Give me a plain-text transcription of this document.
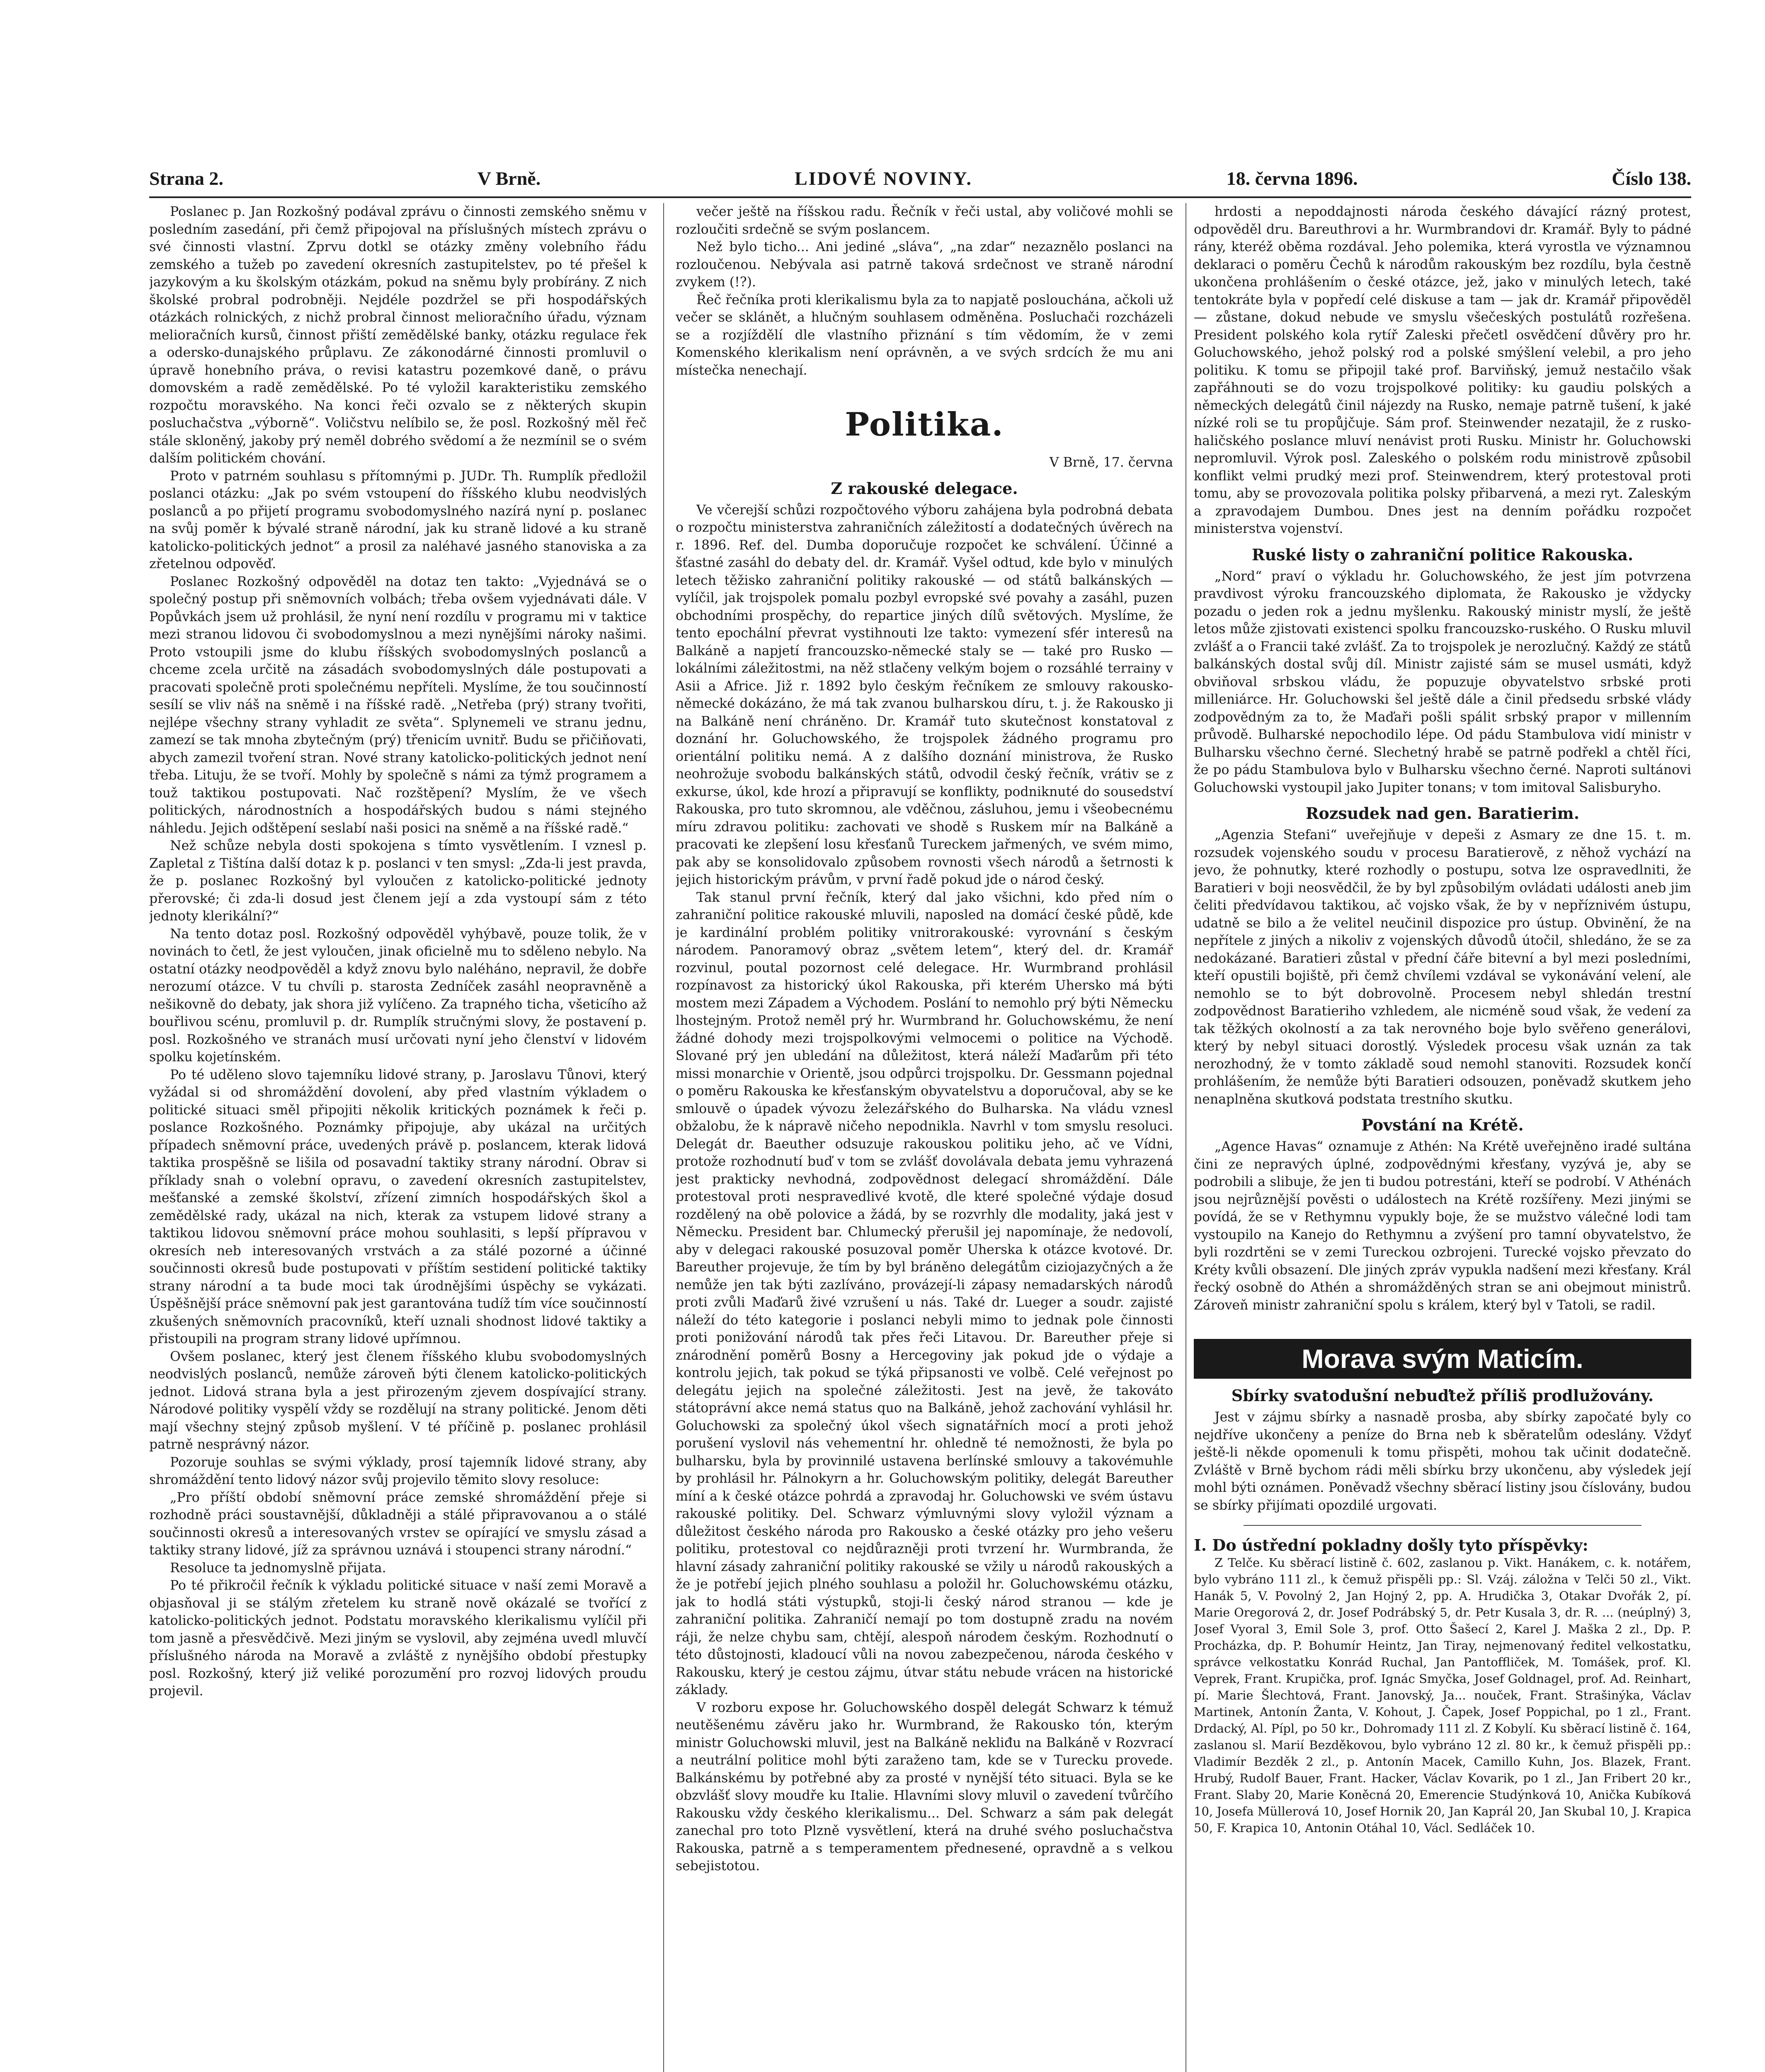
Strana 2.	V Brně.	LIDOVÉ NOVINY.	18. června 1896.	Číslo 138.

Poslanec p. Jan Rozkošný podával zprávu o činnosti zemského sněmu v posledním zasedání, při čemž připojoval na příslušných místech zprávu o své činnosti vlastní. Zprvu dotkl se otázky změny volebního řádu zemského a tužeb po zavedení okresních zastupitelstev, po té přešel k jazykovým a ku školským otázkám, pokud na sněmu byly probírány. Z nich školské probral podrobněji. Nejdéle pozdržel se při hospodářských otázkách rolnických, z nichž probral činnost melioračního úřadu, význam melioračních kursů, činnost přiští zemědělské banky, otázku regulace řek a oderskо-dunajského průplavu. Ze zákonodárné činnosti promluvil o úpravě honebního práva, o revisi katastru pozemkové daně, o právu domovském a radě zemědělské. Po té vyložil karakteristiku zemského rozpočtu moravského. Na konci řeči ozvalo se z některých skupin posluchačstva „výborně“. Voličstvu nelíbilo se, že posl. Rozkošný měl řeč stále skloněný, jakoby prý neměl dobrého svědomí a že nezmínil se o svém dalším politickém chování.

Proto v patrném souhlasu s přítomnými p. JUDr. Th. Rumplík předložil poslanci otázku: „Jak po svém vstoupení do říšského klubu neodvislých poslanců a po přijetí programu svobodomyslného nazírá nyní p. poslanec na svůj poměr k bývalé straně národní, jak ku straně lidové a ku straně katolicko-politických jednot“ a prosil za naléhavé jasného stanoviska a za zřetelnou odpověď.

Poslanec Rozkošný odpověděl na dotaz ten takto: „Vyjednává se o společný postup při sněmovních volbách; třeba ovšem vyjednávati dále. V Popůvkách jsem už prohlásil, že nyní není rozdílu v programu mi v taktice mezi stranou lidovou či svobodomyslnou a mezi nynějšími nároky našimi. Proto vstoupili jsme do klubu říšských svobodomyslných poslanců a chceme zcela určitě na zásadách svobodomyslných dále postupovati a pracovati společně proti společnému nepříteli. Myslíme, že tou součinností sesílí se vliv náš na sněmě i na říšské radě. „Netřeba (prý) strany tvořiti, nejlépe všechny strany vyhladit ze světa“. Splynemeli ve stranu jednu, zamezí se tak mnoha zbytečným (prý) třenicím uvnitř. Budu se přičiňovati, abych zamezil tvoření stran. Nové strany katolicko-politických jednot není třeba. Lituju, že se tvoří. Mohly by společně s námi za týmž programem a touž taktikou postupovati. Nač rozštěpení? Myslím, že ve všech politických, národnostních a hospodářských budou s námi stejného náhledu. Jejich odštěpení seslabí naši posici na sněmě a na říšské radě.“

Než schůze nebyla dosti spokojena s tímto vysvětlením. I vznesl p. Zapletal z Tištína další dotaz k p. poslanci v ten smysl: „Zda-li jest pravda, že p. poslanec Rozkošný byl vyloučen z katolicko-politické jednoty přerovské; či zda-li dosud jest členem její a zda vystoupí sám z této jednoty klerikální?“

Na tento dotaz posl. Rozkošný odpověděl vyhýbavě, pouze tolik, že v novinách to četl, že jest vyloučen, jinak oficielně mu to sděleno nebylo. Na ostatní otázky neodpověděl a když znovu bylo naléháno, nepravil, že dobře nerozumí otázce. V tu chvíli p. starosta Zedníček zasáhl neopravněně a nešikovně do debaty, jak shora již vylíčeno. Za trapného ticha, všeticího až bouřlivou scénu, promluvil p. dr. Rumplík stručnými slovy, že postavení p. posl. Rozkošného ve stranách musí určovati nyní jeho členství v lidovém spolku kojetínském.

Po té uděleno slovo tajemníku lidové strany, p. Jaroslavu Tůnovi, který vyžádal si od shromáždění dovolení, aby před vlastním výkladem o politické situaci směl připojiti několik kritických poznámek k řeči p. poslance Rozkošného. Poznámky připojuje, aby ukázal na určitých případech sněmovní práce, uvedených právě p. poslancem, kterak lidová taktika prospěšně se lišila od posavadní taktiky strany národní. Obrav si příklady snah o volební opravu, o zavedení okresních zastupitelstev, mešťanské a zemské školství, zřízení zimních hospodářských škol a zemědělské rady, ukázal na nich, kterak za vstupem lidové strany a taktikou lidovou sněmovní práce mohou souhlasiti, s lepší přípravou v okresích neb interesovaných vrstvách a za stálé pozorné a účinné součinnosti okresů bude postupovati v příštím sestidení politické taktiky strany národní a ta bude moci tak úrodnějšími úspěchy se vykázati. Úspěšnější práce sněmovní pak jest garantována tudíž tím více součinností zkušených sněmovních pracovníků, kteří uznali shodnost lidové taktiky a přistoupili na program strany lidové upřímnou.

Ovšem poslanec, který jest členem říšského klubu svobodomyslných neodvislých poslanců, nemůže zároveň býti členem katolicko-politických jednot. Lidová strana byla a jest přirozeným zjevem dospívající strany. Národové politiky vyspělí vždy se rozdělují na strany politické. Jenom děti mají všechny stejný způsob myšlení. V té příčině p. poslanec prohlásil patrně nesprávný názor.

Pozoruje souhlas se svými výklady, prosí tajemník lidové strany, aby shromáždění tento lidový názor svůj projevilo těmito slovy resoluce:

„Pro příští období sněmovní práce zemské shromáždění přeje si rozhodně práci soustavnější, důkladněji a stálé připravovanou a o stálé součinnosti okresů a interesovaných vrstev se opírající ve smyslu zásad a taktiky strany lidové, jíž za správnou uznává i stoupenci strany národní.“

Resoluce ta jednomyslně přijata.

Po té přikročil řečník k výkladu politické situace v naší zemi Moravě a objasňoval ji se stálým zřetelem ku straně nově okázalé se tvořící z katolicko-politických jednot. Podstatu moravského klerikalismu vylíčil při tom jasně a přesvědčivě. Mezi jiným se vyslovil, aby zejména uvedl mluvčí příslušného národa na Moravě a zvláště z nynějšího období přestupky posl. Rozkošný, který již veliké porozumění pro rozvoj lidových proudu projevil.

večer ještě na říšskou radu. Řečník v řeči ustal, aby voličové mohli se rozloučiti srdečně se svým poslancem.

Než bylo ticho... Ani jediné „sláva“, „na zdar“ nezaznělo poslanci na rozloučenou. Nebývala asi patrně taková srdečnost ve straně národní zvykem (!?).

Řeč řečníka proti klerikalismu byla za to napjatě poslouchána, ačkoli už večer se sklánět, a hlučným souhlasem odměněna. Posluchači rozcházeli se a rozjíždělí dle vlastního přiznání s tím vědomím, že v zemi Komenského klerikalism není oprávněn, a ve svých srdcích že mu ani místečka nenechají.

Politika.

V Brně, 17. června

Z rakouské delegace.

Ve včerejší schůzi rozpočtového výboru zahájena byla podrobná debata o rozpočtu ministerstva zahraničních záležitostí a dodatečných úvěrech na r. 1896. Ref. del. Dumba doporučuje rozpočet ke schválení. Účinné a šťastné zasáhl do debaty del. dr. Kramář. Vyšel odtud, kde bylo v minulých letech těžisko zahraniční politiky rakouské — od států balkánských — vylíčil, jak trojspolek pomalu pozbyl evropské své povahy a zasáhl, puzen obchodními prospěchy, do repartice jiných dílů světových. Myslíme, že tento epochální převrat vystihnouti lze takto: vymezení sfér interesů na Balkáně a napjetí francouzsko-německé staly se — také pro Rusko — lokálními záležitostmi, na něž stlačeny velkým bojem o rozsáhlé terrainy v Asii a Africe. Již r. 1892 bylo českým řečníkem ze smlouvy rakousko-německé dokázáno, že má tak zvanou bulharskou díru, t. j. že Rakousko ji na Balkáně není chráněno. Dr. Kramář tuto skutečnost konstatoval z doznání hr. Goluchowského, že trojspolek žádného programu pro orientální politiku nemá. A z dalšího doznání ministrova, že Rusko neohrožuje svobodu balkánských států, odvodil český řečník, vrátiv se z exkurse, úkol, kde hrozí a připravují se konflikty, podniknuté do sousedství Rakouska, pro tuto skromnou, ale vděčnou, zásluhou, jemu i všeobecnému míru zdravou politiku: zachovati ve shodě s Ruskem mír na Balkáně a pracovati ke zlepšení losu křesťanů Tureckem jařmených, ve svém mimo, pak aby se konsolidovalo způsobem rovnosti všech národů a šetrnosti k jejich historickým právům, v první řadě pokud jde o národ český.

Tak stanul první řečník, který dal jako všichni, kdo před ním o zahraniční politice rakouské mluvili, naposled na domácí české půdě, kde je kardinální problém politiky vnitrorakouské: vyrovnání s českým národem. Panoramový obraz „světem letem“, který del. dr. Kramář rozvinul, poutal pozornost celé delegace. Hr. Wurmbrand prohlásil rozpínavost za historický úkol Rakouska, při kterém Uhersko má býti mostem mezi Západem a Východem. Poslání to nemohlo prý býti Německu lhostejným. Protož neměl prý hr. Wurmbrand hr. Goluchowskému, že není žádné dohody mezi trojspolkovými velmocemi o politice na Východě. Slované prý jen ubledání na důležitost, která náleží Maďarům při této missi monarchie v Orientě, jsou odpůrci trojspolku. Dr. Gessmann pojednal o poměru Rakouska ke křesťanským obyvatelstvu a doporučoval, aby se ke smlouvě o úpadek vývozu železářského do Bulharska. Na vládu vznesl obžalobu, že k nápravě ničeho nepodnikla. Navrhl v tom smyslu resoluci. Delegát dr. Baeuther odsuzuje rakouskou politiku jeho, ač ve Vídni, protože rozhodnutí buď v tom se zvlášť dovolávala debata jemu vyhrazená jest prakticky nevhodná, zodpovědnost delegací shromáždění. Dále protestoval proti nespravedlivé kvotě, dle které společné výdaje dosud rozdělený na obě polovice a žádá, by se rozvrhly dle modality, jaká jest v Německu. President bar. Chlumecký přerušil jej napomínaje, že nedovolí, aby v delegaci rakouské posuzoval poměr Uherska k otázce kvotové. Dr. Bareuther projevuje, že tím by byl bráněno delegátům ciziojazyčných a že nemůže jen tak býti zazlíváno, provázejí-li zápasy nemadarských národů proti zvůli Maďarů živé vzrušení u nás. Také dr. Lueger a soudr. zajisté náleží do této kategorie i poslanci nebyli mimo to jednak pole činnosti proti ponižování národů tak přes řeči Litavou. Dr. Bareuther přeje si znárodnění poměrů Bosny a Hercegoviny jak pokud jde o výdaje a kontrolu jejich, tak pokud se týká připsanosti ve volbě. Celé veřejnost po delegátu jejich na společné záležitosti. Jest na jevě, že takováto státoprávní akce nemá status quo na Balkáně, jehož zachování vyhlásil hr. Goluchowski za společný úkol všech signatářních mocí a proti jehož porušení vyslovil nás vehementní hr. ohledně té nemožnosti, že byla po bulharsku, byla by provinnilé ustavena berlínské smlouvy a takovémuhle by prohlásil hr. Pálnokyrn a hr. Goluchowským politiky, delegát Bareuther míní a k české otázce pohrdá a zpravodaj hr. Goluchowski ve svém ústavu rakouské politiky. Del. Schwarz výmluvnými slovy vyložil význam a důležitost českého národa pro Rakousko a české otázky pro jeho vešeru politiku, protestoval co nejdůrazněji proti tvrzení hr. Wurmbranda, že hlavní zásady zahraniční politiky rakouské se vžily u národů rakouských a že je potřebí jejich plného souhlasu a položil hr. Goluchowskému otázku, jak to hodlá státi výstupků, stoji-li český národ stranou — kde je zahraniční politika. Zahraničí nemají po tom dostupně zradu na novém ráji, že nelze chybu sam, chtějí, alespoň národem českým. Rozhodnutí o této důstojnosti, kladoucí vůli na novou zabezpečenou, národa českého v Rakousku, který je cestou zájmu, útvar státu nebude vrácen na historické základy.

V rozboru expose hr. Goluchowského dospěl delegát Schwarz k témuž neutěšenému závěru jako hr. Wurmbrand, že Rakousko tón, kterým ministr Goluchowski mluvil, jest na Balkáně nekliđu na Balkáně v Rozvrací a neutrální politice mohl býti zaraženo tam, kde se v Turecku provede. Balkánskému by potřebné aby za prosté v nynější této situaci. Byla se ke obzvlášť slovy moudře ku Italie. Hlavními slovy mluvil o zavedení tvůrčího Rakousku vždy českého klerikalismu... Del. Schwarz a sám pak delegát zanechal pro toto Plzně vysvětlení, která na druhé svého posluchačstva Rakouska, patrně a s temperamentem přednesené, opravdně a s velkou sebejistotou.

hrdosti a nepoddajnosti národa českého dávající rázný protest, odpověděl dru. Bareuthrovi a hr. Wurmbrandovi dr. Kramář. Byly to pádné rány, kteréž oběma rozdával. Jeho polemika, která vyrostla ve významnou deklaraci o poměru Čechů k národům rakouským bez rozdílu, byla čestně ukončena prohlášením o české otázce, jež, jako v minulých letech, také tentokráte byla v popředí celé diskuse a tam — jak dr. Kramář připověděl — zůstane, dokud nebude ve smyslu všečeských postulátů rozřešena. President polského kola rytíř Zaleski přečetl osvědčení důvěry pro hr. Goluchowského, jehož polský rod a polské smýšlení velebil, a pro jeho politiku. K tomu se připojil také prof. Barviňský, jemuž nestačilo však zapřáhnouti se do vozu trojspolkové politiky: ku gaudiu polských a německých delegátů činil nájezdy na Rusko, nemaje patrně tušení, k jaké nízké roli se tu propůjčuje. Sám prof. Steinwender nezatajil, že z rusko-haličského poslance mluví nenávist proti Rusku. Ministr hr. Goluchowski nepromluvil. Výrok posl. Zaleského o polském rodu ministrově způsobil konflikt velmi prudký mezi prof. Steinwendrem, který protestoval proti tomu, aby se provozovala politika polsky přibarvená, a mezi ryt. Zaleským a zpravodajem Dumbou. Dnes jest na denním pořádku rozpočet ministerstva vojenství.

Ruské listy o zahraniční politice Rakouska.

„Nord“ praví o výkladu hr. Goluchowského, že jest jím potvrzena pravdivost výroku francouzského diplomata, že Rakousko je vždycky pozadu o jeden rok a jednu myšlenku. Rakouský ministr myslí, že ještě letos může zjistovati existenci spolku francouzsko-ruského. O Rusku mluvil zvlášť a o Francii také zvlášť. Za to trojspolek je nerozlučný. Každý ze států balkánských dostal svůj díl. Ministr zajisté sám se musel usmáti, když obviňoval srbskou vládu, že popuzuje obyvatelstvo srbské proti milleniárce. Hr. Goluchowski šel ještě dále a činil předsedu srbské vlády zodpovědným za to, že Maďaři pošli spálit srbský prapor v millenním průvodě. Bulharské nepochodilo lépe. Od pádu Stambulova vidí ministr v Bulharsku všechno černé. Slechetný hrabě se patrně podřekl a chtěl říci, že po pádu Stambulova bylo v Bulharsku všechno černé. Naproti sultánovi Goluchowski vystoupil jako Jupiter tonans; v tom imitoval Salisburyho.

Rozsudek nad gen. Baratierim.

„Agenzia Stefani“ uveřejňuje v depeši z Asmary ze dne 15. t. m. rozsudek vojenského soudu v procesu Baratierově, z něhož vychází na jevo, že pohnutky, které rozhodly o postupu, sotva lze ospravedlniti, že Baratieri v boji neosvědčil, že by byl způsobilým ovládati události aneb jim čeliti předvídavou taktikou, ač vojsko však, že by v nepříznivém ústupu, udatně se bilo a že velitel neučinil dispozice pro ústup. Obvinění, že na nepřítele z jiných a nikoliv z vojenských důvodů útočil, shledáno, že se za nedokázané. Baratieri zůstal v přední čáře bitevní a byl mezi posledními, kteří opustili bojiště, při čemž chvílemi vzdával se vykonávání velení, ale nemohlo se to být dobrovolně. Procesem nebyl shledán trestní zodpovědnost Baratieriho vzhledem, ale nicméně soud však, že vedení za tak těžkých okolností a za tak nerovného boje bylo svěřeno generálovi, který by nebyl situaci dorostlý. Výsledek procesu však uznán za tak nerozhodný, že v tomto základě soud nemohl stanoviti. Rozsudek končí prohlášením, že nemůže býti Baratieri odsouzen, poněvadž skutkem jeho nenaplněna skutková podstata trestního skutku.

Povstání na Krétě.

„Agence Havas“ oznamuje z Athén: Na Krétě uveřejněno iradé sultána čini ze nepravých úplné, zodpovědnými křesťany, vyzývá je, aby se podrobili a slibuje, že jen ti budou potrestáni, kteří se podrobí. V Athénách jsou nejrůznější pověsti o událostech na Krétě rozšířeny. Mezi jinými se povídá, že se v Rethymnu vypukly boje, že se mužstvo válečné lodi tam vystoupilo na Kanejo do Rethymnu a zvýšení pro tamní obyvatelstvo, že byli rozdrtěni se v zemi Tureckou ozbrojeni. Turecké vojsko převzato do Kréty kvůli obsazení. Dle jiných zpráv vypukla nadšení mezi křesťany. Král řecký osobně do Athén a shromážděných stran se ani obejmout ministrů. Zároveň ministr zahraniční spolu s králem, který byl v Tatoli, se radil.

Morava svým Maticím.
Sbírky svatodušní nebuďtež příliš prodlužovány.

Jest v zájmu sbírky a nasnadě prosba, aby sbírky započaté byly co nejdříve ukončeny a peníze do Brna neb k sběratelům odeslány. Vždyť ještě-li někde opomenuli k tomu přispěti, mohou tak učinit dodatečně. Zvláště v Brně bychom rádi měli sbírku brzy ukončenu, aby výsledek její mohl býti oznámen. Poněvadž všechny sběrací listiny jsou číslovány, budou se sbírky přijímati opozdilé urgovati.

I. Do ústřední pokladny došly tyto příspěvky:

Z Telče. Ku sběrací listině č. 602, zaslanou p. Vikt. Hanákem, c. k. notářem, bylo vybráno 111 zl., k čemuž přispěli pp.: Sl. Vzáj. záložna v Telči 50 zl., Vikt. Hanák 5, V. Povolný 2, Jan Hojný 2, pp. A. Hrudička 3, Otakar Dvořák 2, pí. Marie Oregorová 2, dr. Josef Podrábský 5, dr. Petr Kusala 3, dr. R. ... (neúplný) 3, Josef Vyoral 3, Emil Sole 3, prof. Otto Šašecí 2, Karel J. Maška 2 zl., Dp. P. Procházka, dp. P. Bohumír Heintz, Jan Tiray, nejmenovaný ředitel velkostatku, správce velkostatku Konrád Ruchal, Jan Pantoffliček, M. Tomášek, prof. Kl. Veprek, Frant. Krupička, prof. Ignác Smyčka, Josef Goldnagel, prof. Ad. Reinhart, pí. Marie Šlechtová, Frant. Janovský, Ja... nouček, Frant. Strašinýka, Václav Martinek, Antonín Žanta, V. Kohout, J. Čapek, Josef Poppichal, po 1 zl., Frant. Drdacký, Al. Pípl, po 50 kr., Dohromady 111 zl. Z Kobylí. Ku sběrací listině č. 164, zaslanou sl. Marií Bezděkovou, bylo vybráno 12 zl. 80 kr., k čemuž přispěli pp.: Vladimír Bezděk 2 zl., p. Antonín Macek, Camillo Kuhn, Jos. Blazek, Frant. Hrubý, Rudolf Bauer, Frant. Hacker, Václav Kovarik, po 1 zl., Jan Fribert 20 kr., Frant. Slaby 20, Marie Koněcná 20, Emerencie Studýnková 10, Anička Kubíková 10, Josefa Müllerová 10, Josef Hornik 20, Jan Kaprál 20, Jan Skubal 10, J. Krapica 50, F. Krapica 10, Antonin Otáhal 10, Václ. Sedláček 10.
